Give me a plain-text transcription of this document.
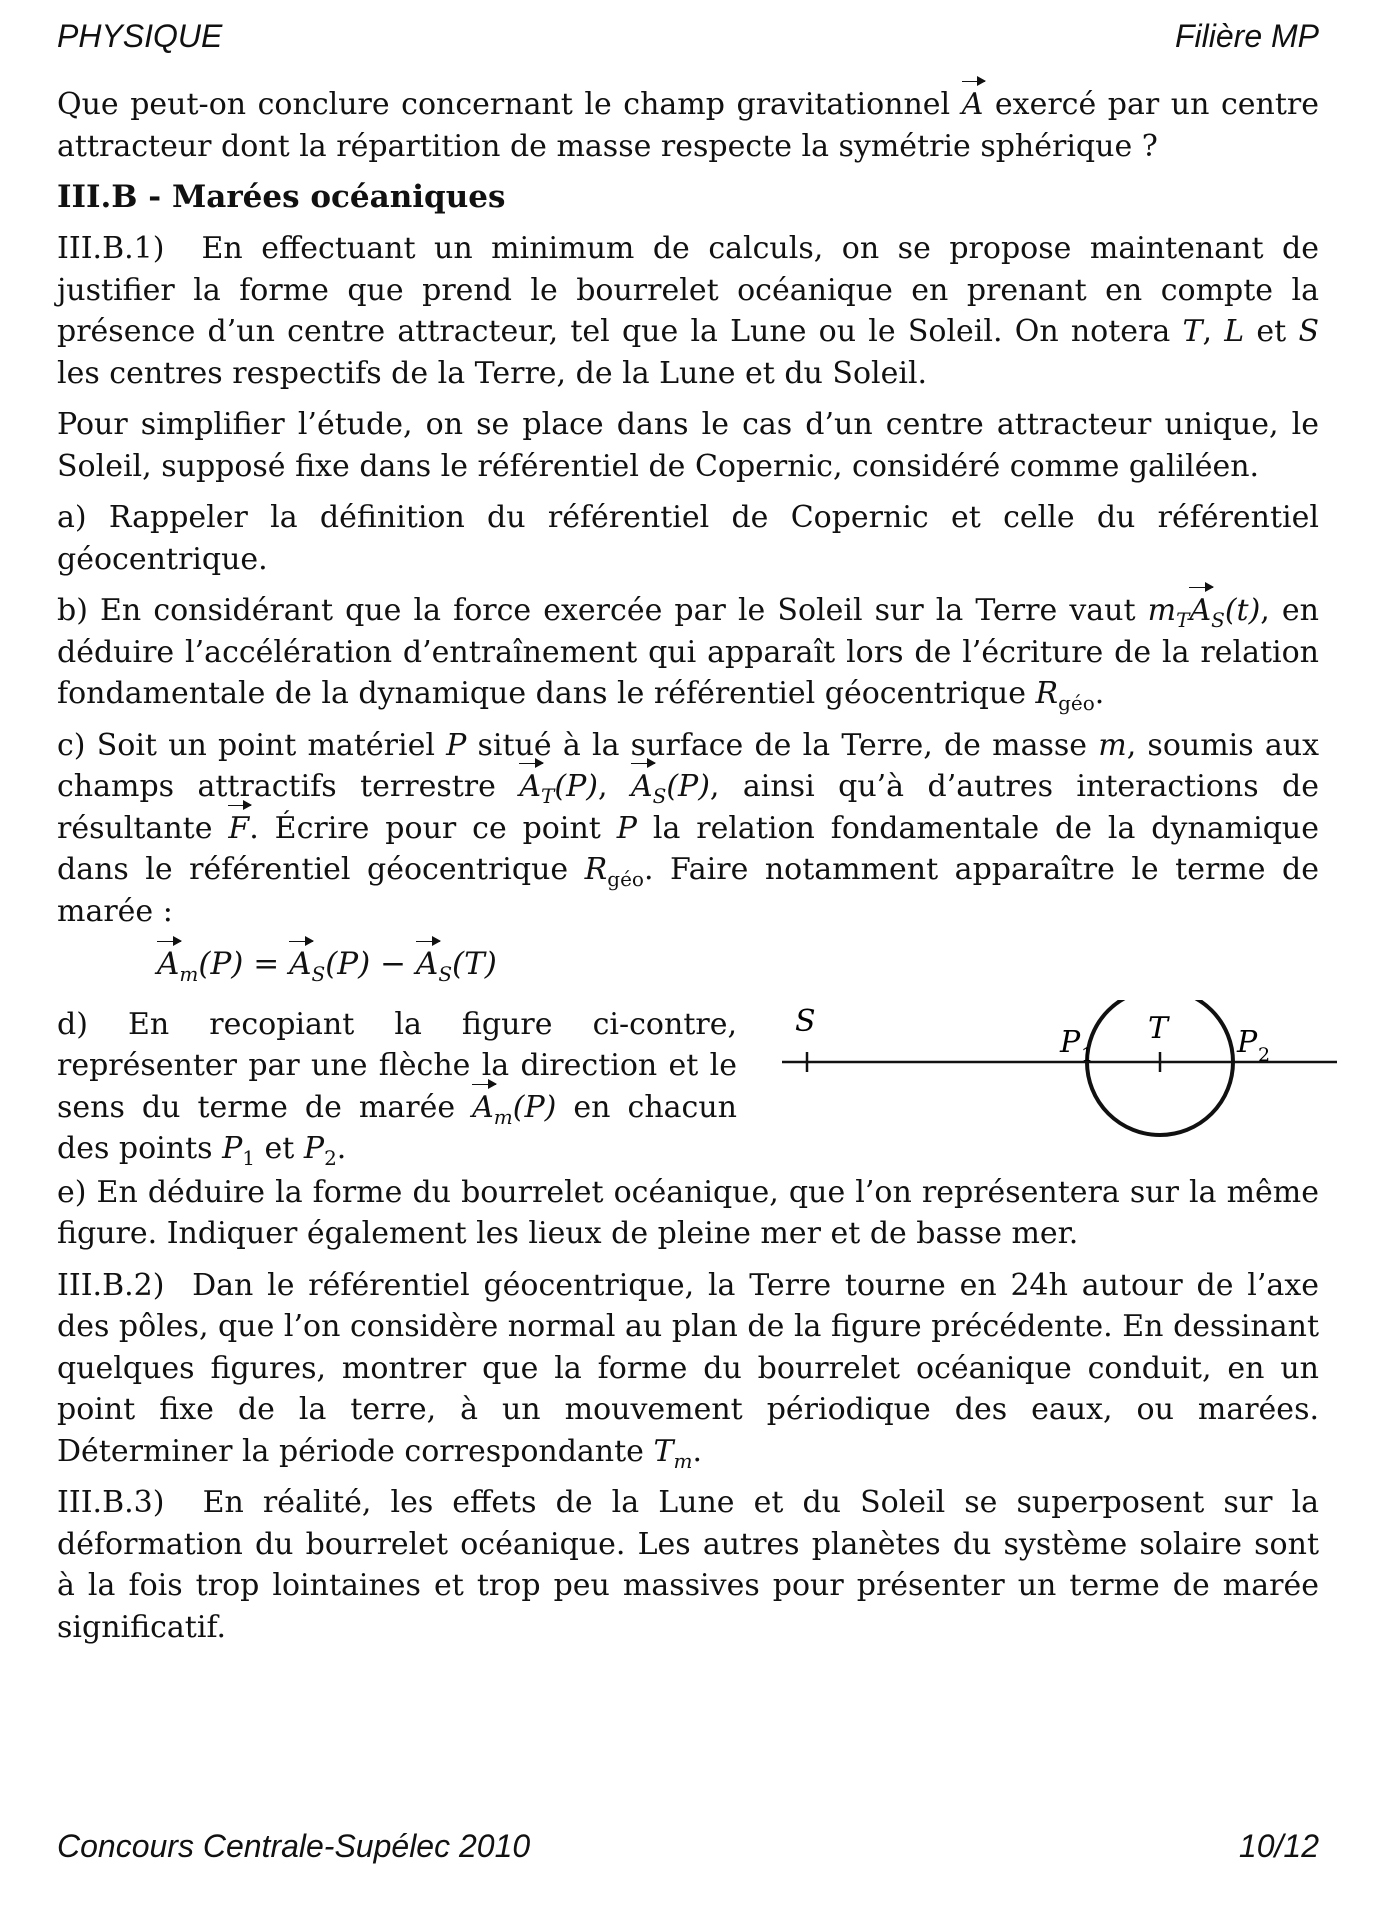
PHYSIQUE	Filière MP

Que peut-on conclure concernant le champ gravitationnel A exercé par un centre attracteur dont la répartition de masse respecte la symétrie sphérique ?

III.B - Marées océaniques

III.B.1) En effectuant un minimum de calculs, on se propose maintenant de justifier la forme que prend le bourrelet océanique en prenant en compte la présence d’un centre attracteur, tel que la Lune ou le Soleil. On notera T, L et S les centres respectifs de la Terre, de la Lune et du Soleil.

Pour simplifier l’étude, on se place dans le cas d’un centre attracteur unique, le Soleil, supposé fixe dans le référentiel de Copernic, considéré comme galiléen.

a) Rappeler la définition du référentiel de Copernic et celle du référentiel géocentrique.

b) En considérant que la force exercée par le Soleil sur la Terre vaut $m_TA_S(t)$, en déduire l’accélération d’entraînement qui apparaît lors de l’écriture de la relation fondamentale de la dynamique dans le référentiel géocentrique $R_{géo}$.

c) Soit un point matériel P situé à la surface de la Terre, de masse m, soumis aux champs attractifs terrestre $A_T(P)$, $A_S(P)$, ainsi qu’à d’autres interactions de résultante F. Écrire pour ce point P la relation fondamentale de la dynamique dans le référentiel géocentrique $R_{géo}$. Faire notamment apparaître le terme de marée :

$A_m(P) = A_S(P) - A_S(T)$

d) En recopiant la figure ci-contre, représenter par une flèche la direction et le sens du terme de marée $A_m(P)$ en chacun des points $P_1$ et $P_2$.

S	T
P 1	P 2

e) En déduire la forme du bourrelet océanique, que l’on représentera sur la même figure. Indiquer également les lieux de pleine mer et de basse mer.

III.B.2) Dan le référentiel géocentrique, la Terre tourne en 24h autour de l’axe des pôles, que l’on considère normal au plan de la figure précédente. En dessinant quelques figures, montrer que la forme du bourrelet océanique conduit, en un point fixe de la terre, à un mouvement périodique des eaux, ou marées. Déterminer la période correspondante $T_m$.

III.B.3) En réalité, les effets de la Lune et du Soleil se superposent sur la déformation du bourrelet océanique. Les autres planètes du système solaire sont à la fois trop lointaines et trop peu massives pour présenter un terme de marée significatif.

Concours Centrale-Supélec 2010	10/12
